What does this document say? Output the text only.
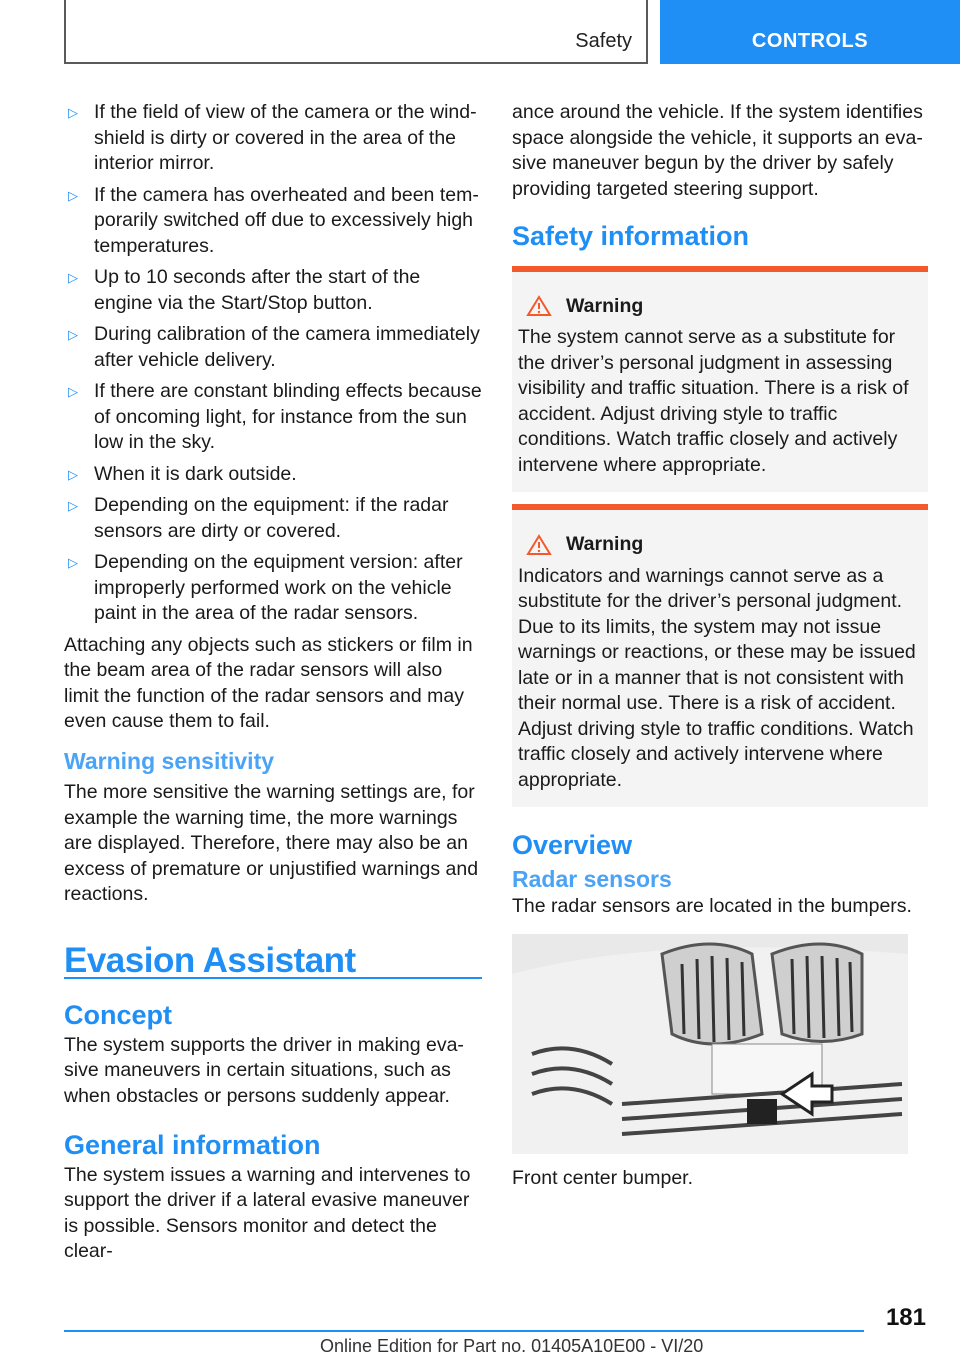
Safety	CONTROLS
▷ If the field of view of the camera or the windshield is dirty or covered in the area of the interior mirror.
▷ If the camera has overheated and been temporarily switched off due to excessively high temperatures.
▷ Up to 10 seconds after the start of the engine via the Start/Stop button.
▷ During calibration of the camera immediately after vehicle delivery.
▷ If there are constant blinding effects because of oncoming light, for instance from the sun low in the sky.
▷ When it is dark outside.
▷ Depending on the equipment: if the radar sensors are dirty or covered.
▷ Depending on the equipment version: after improperly performed work on the vehicle paint in the area of the radar sensors.

Attaching any objects such as stickers or film in the beam area of the radar sensors will also limit the function of the radar sensors and may even cause them to fail.

Warning sensitivity

The more sensitive the warning settings are, for example the warning time, the more warnings are displayed. Therefore, there may also be an excess of premature or unjustified warnings and reactions.

Evasion Assistant
Concept

The system supports the driver in making evasive maneuvers in certain situations, such as when obstacles or persons suddenly appear.

General information

The system issues a warning and intervenes to support the driver if a lateral evasive maneuver is possible. Sensors monitor and detect the clear-

ance around the vehicle. If the system identifies space alongside the vehicle, it supports an evasive maneuver begun by the driver by safely providing targeted steering support.

Safety information
Warning

The system cannot serve as a substitute for the driver’s personal judgment in assessing visibility and traffic situation. There is a risk of accident. Adjust driving style to traffic conditions. Watch traffic closely and actively intervene where appropriate.

Warning

Indicators and warnings cannot serve as a substitute for the driver’s personal judgment. Due to its limits, the system may not issue warnings or reactions, or these may be issued late or in a manner that is not consistent with their normal use. There is a risk of accident. Adjust driving style to traffic conditions. Watch traffic closely and actively intervene where appropriate.

Overview
Radar sensors

The radar sensors are located in the bumpers.

Front center bumper.

181
Online Edition for Part no. 01405A10E00 - VI/20
